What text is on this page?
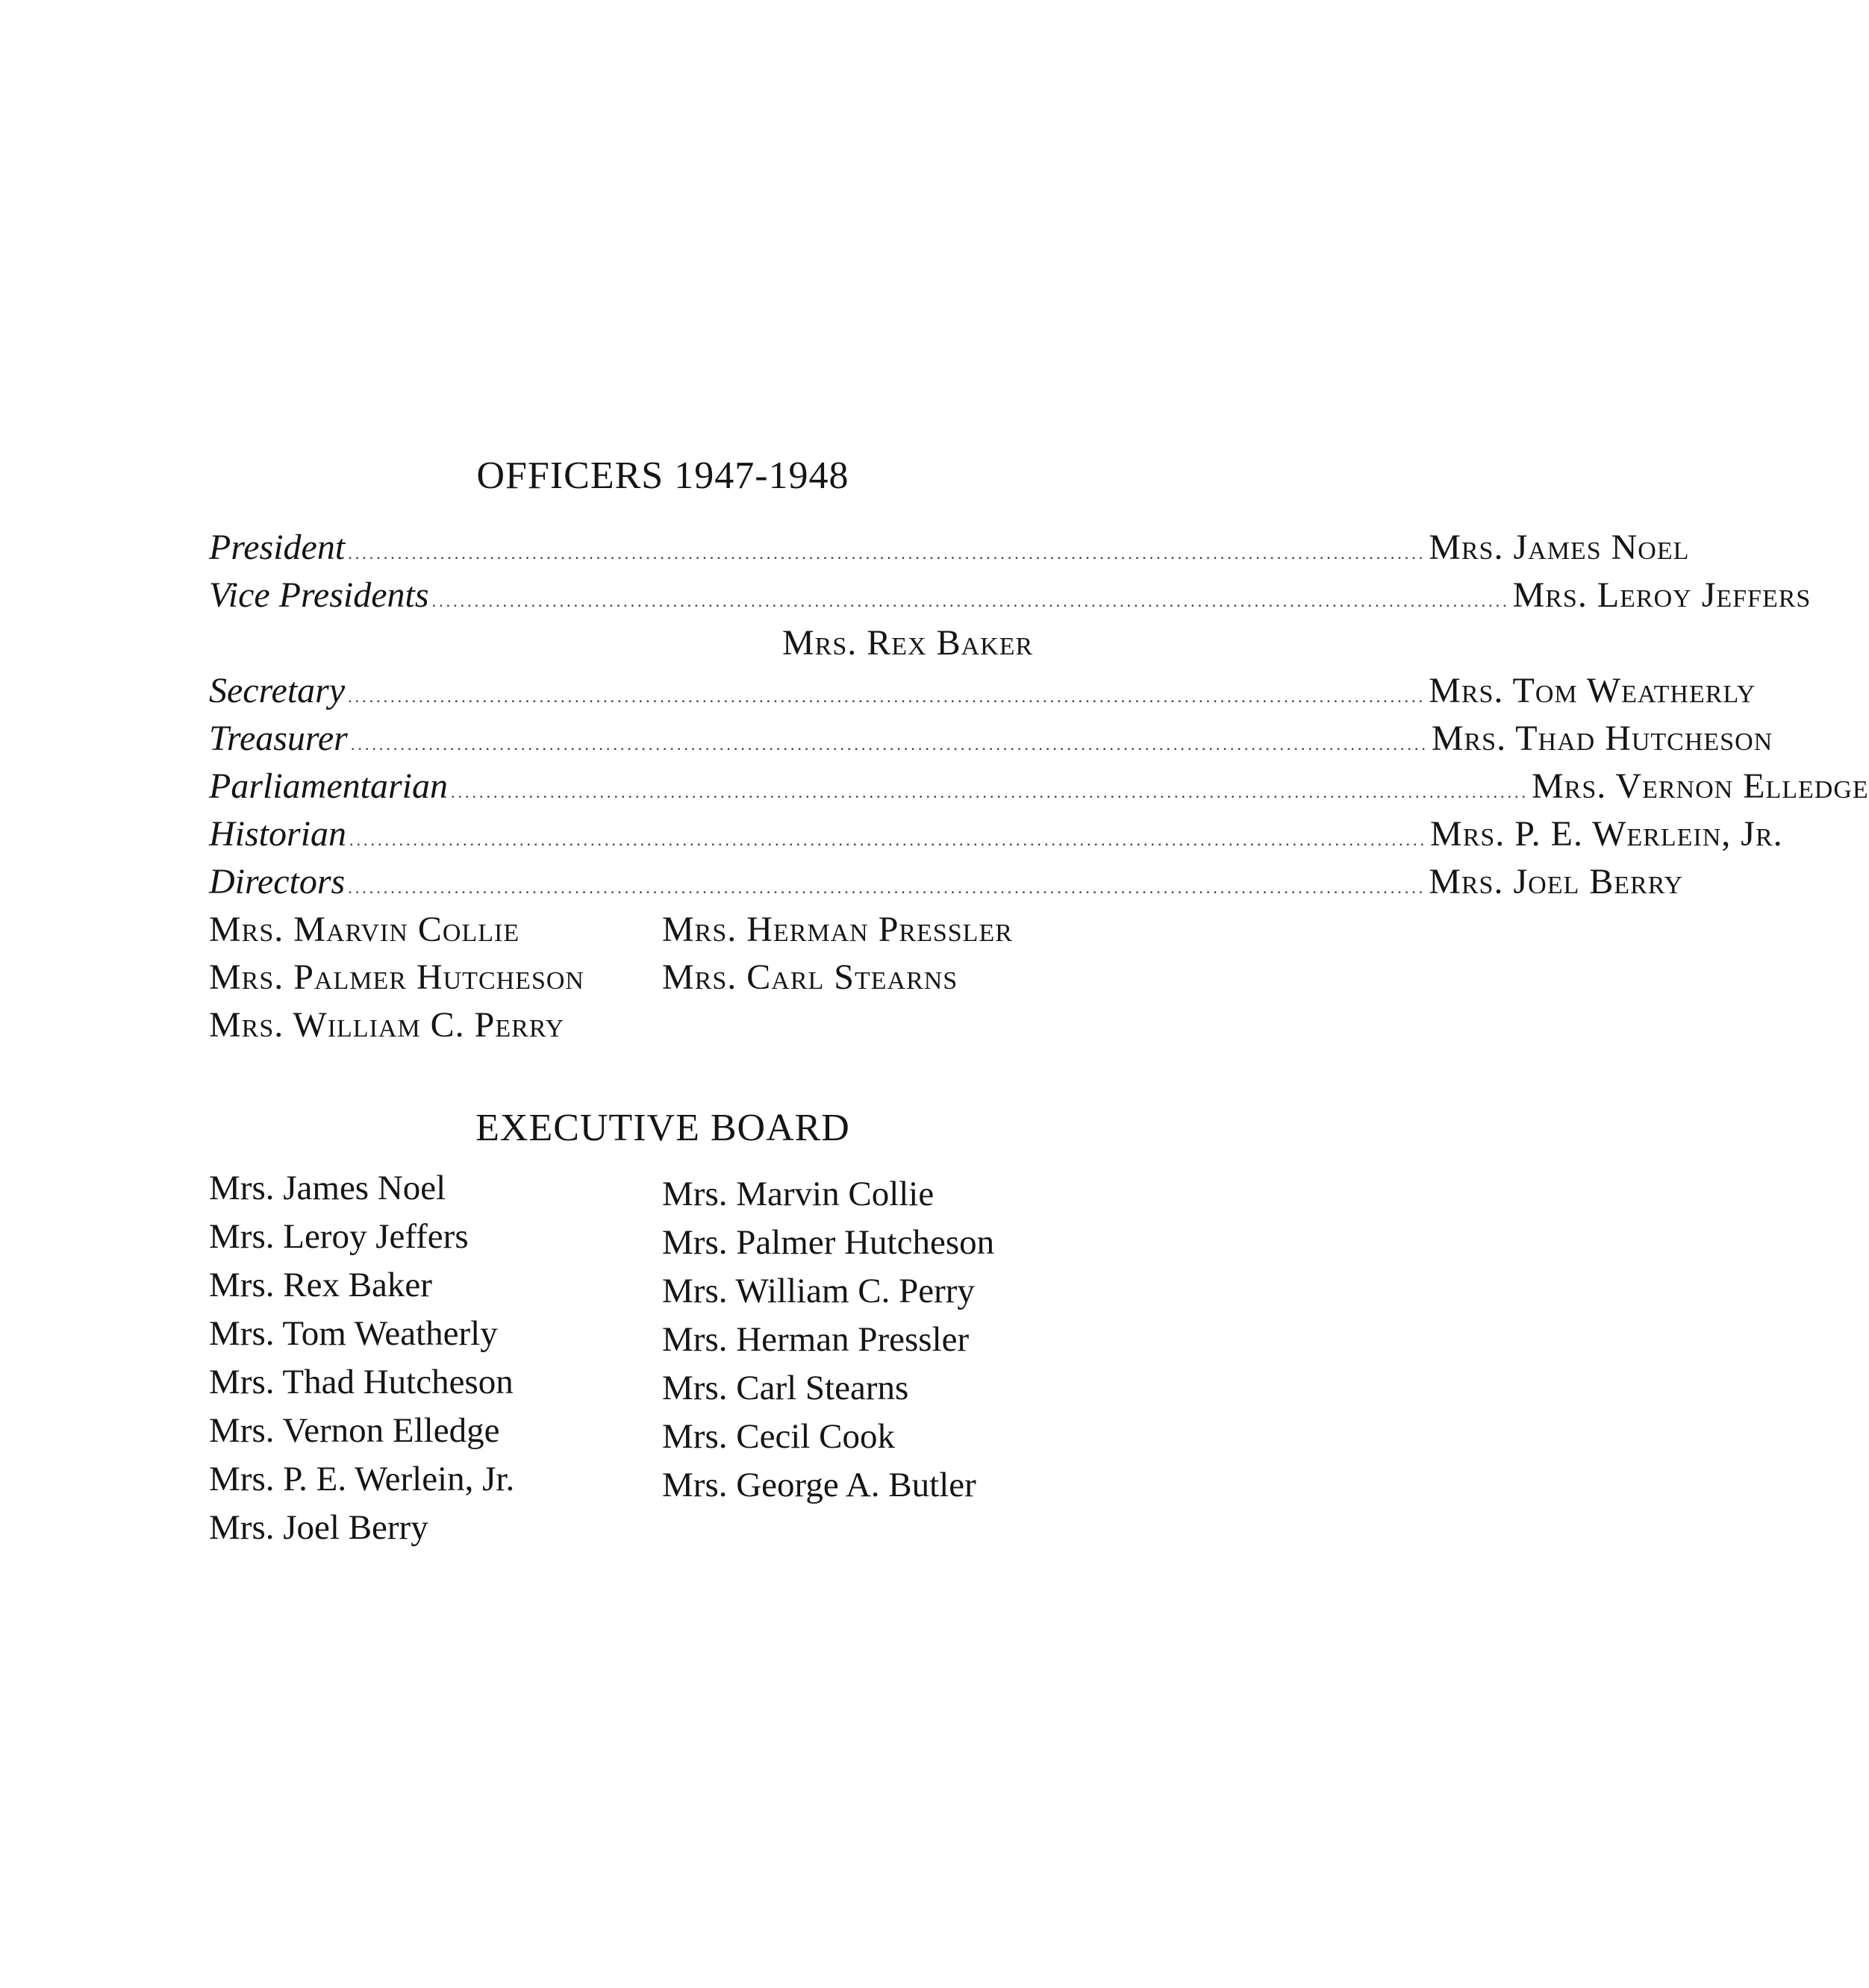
OFFICERS 1947-1948
President ........................................................................................................................................................ Mrs. James Noel
Vice Presidents ........................................................................................................................................................ Mrs. Leroy Jeffers
Mrs. Rex Baker
Secretary ........................................................................................................................................................ Mrs. Tom Weatherly
Treasurer ........................................................................................................................................................ Mrs. Thad Hutcheson
Parliamentarian ........................................................................................................................................................ Mrs. Vernon Elledge
Historian ........................................................................................................................................................ Mrs. P. E. Werlein, Jr.
Directors ........................................................................................................................................................ Mrs. Joel Berry
Mrs. Marvin Collie	Mrs. Herman Pressler
Mrs. Palmer Hutcheson Mrs. Carl Stearns
Mrs. William C. Perry
EXECUTIVE BOARD
Mrs. James Noel
Mrs. Leroy Jeffers
Mrs. Rex Baker
Mrs. Tom Weatherly
Mrs. Thad Hutcheson
Mrs. Vernon Elledge
Mrs. P. E. Werlein, Jr.
Mrs. Joel Berry
Mrs. Marvin Collie
Mrs. Palmer Hutcheson
Mrs. William C. Perry
Mrs. Herman Pressler
Mrs. Carl Stearns
Mrs. Cecil Cook
Mrs. George A. Butler
